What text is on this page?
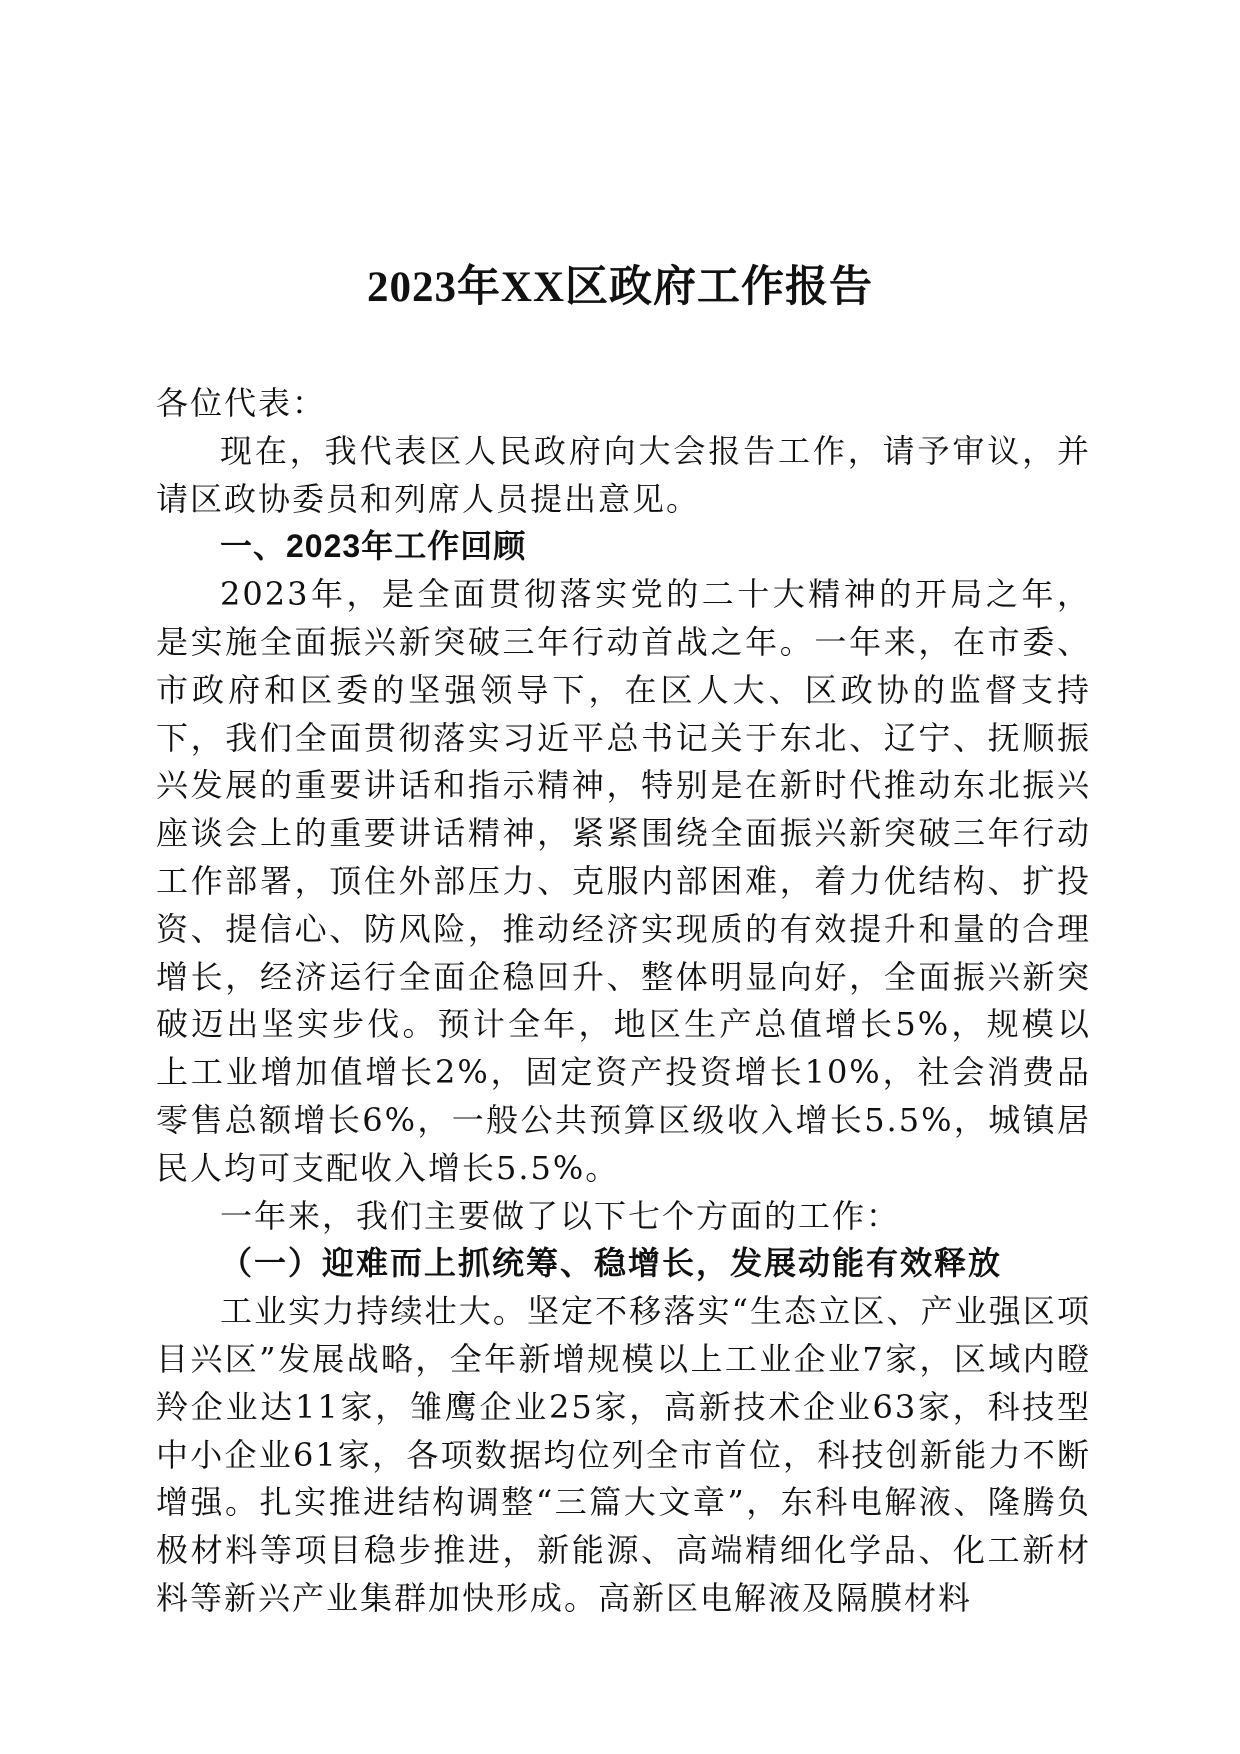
2023年XX区政府工作报告

各位代表：

现在，我代表区人民政府向大会报告工作，请予审议，并请区政协委员和列席人员提出意见。

一、2023年工作回顾

2023年，是全面贯彻落实党的二十大精神的开局之年，是实施全面振兴新突破三年行动首战之年。一年来，在市委、市政府和区委的坚强领导下，在区人大、区政协的监督支持下，我们全面贯彻落实习近平总书记关于东北、辽宁、抚顺振兴发展的重要讲话和指示精神，特别是在新时代推动东北振兴座谈会上的重要讲话精神，紧紧围绕全面振兴新突破三年行动工作部署，顶住外部压力、克服内部困难，着力优结构、扩投资、提信心、防风险，推动经济实现质的有效提升和量的合理增长，经济运行全面企稳回升、整体明显向好，全面振兴新突破迈出坚实步伐。预计全年，地区生产总值增长5%，规模以上工业增加值增长2%，固定资产投资增长10%，社会消费品零售总额增长6%，一般公共预算区级收入增长5.5%，城镇居民人均可支配收入增长5.5%。

一年来，我们主要做了以下七个方面的工作：

（一）迎难而上抓统筹、稳增长，发展动能有效释放

工业实力持续壮大。坚定不移落实“生态立区、产业强区项目兴区”发展战略，全年新增规模以上工业企业7家，区域内瞪羚企业达11家，雏鹰企业25家，高新技术企业63家，科技型中小企业61家，各项数据均位列全市首位，科技创新能力不断增强。扎实推进结构调整“三篇大文章”，东科电解液、隆腾负极材料等项目稳步推进，新能源、高端精细化学品、化工新材料等新兴产业集群加快形成。高新区电解液及隔膜材料
